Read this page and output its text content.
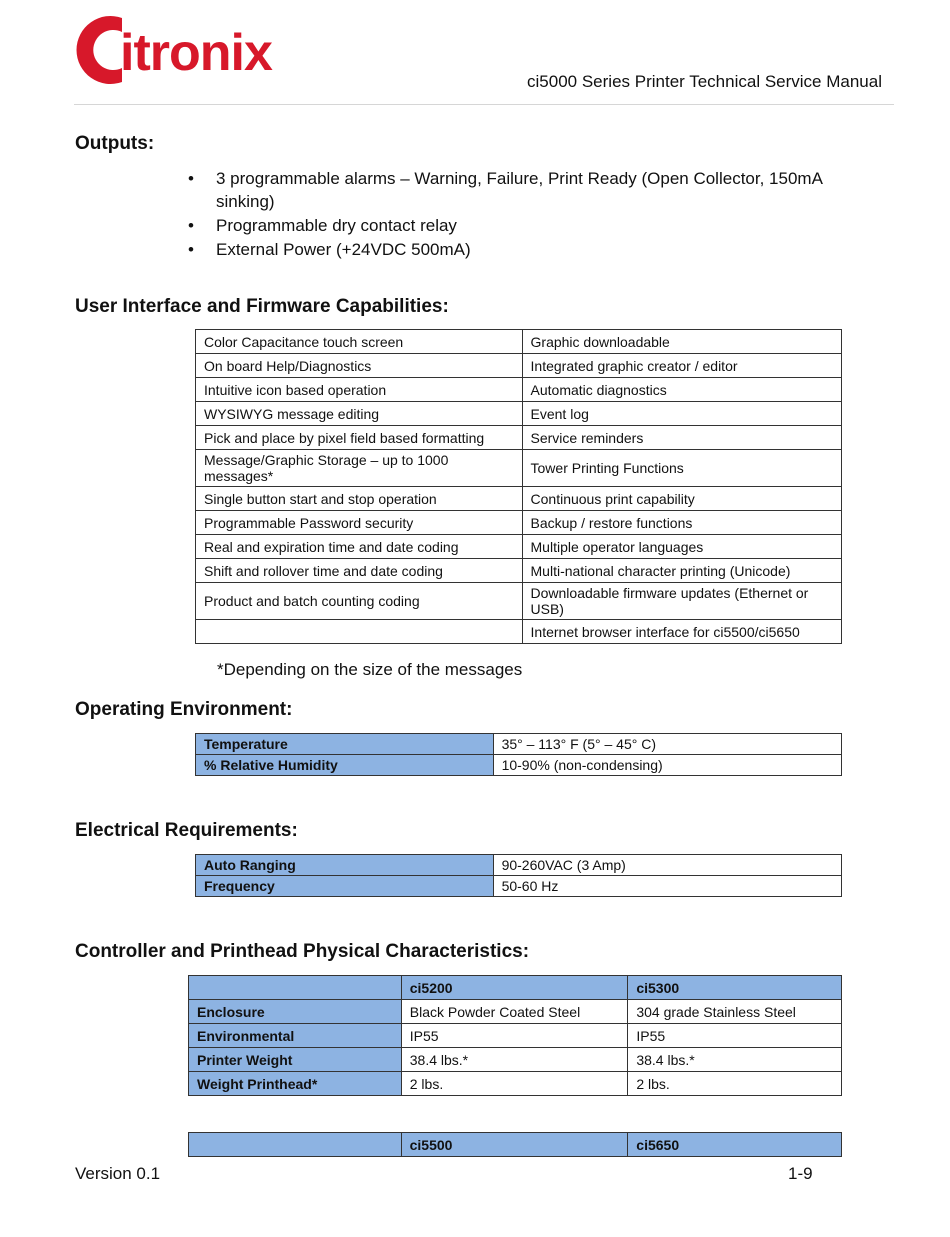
itronix	ci5000 Series Printer Technical Service Manual
Outputs:
• 3 programmable alarms – Warning, Failure, Print Ready (Open Collector, 150mA sinking)
• Programmable dry contact relay
• External Power (+24VDC 500mA)
User Interface and Firmware Capabilities:
Color Capacitance touch screen	Graphic downloadable
On board Help/Diagnostics	Integrated graphic creator / editor
Intuitive icon based operation	Automatic diagnostics
WYSIWYG message editing	Event log
Pick and place by pixel field based formatting	Service reminders
Message/Graphic Storage – up to 1000 messages*	Tower Printing Functions
Single button start and stop operation	Continuous print capability
Programmable Password security	Backup / restore functions
Real and expiration time and date coding	Multiple operator languages
Shift and rollover time and date coding	Multi-national character printing (Unicode)
Product and batch counting coding	Downloadable firmware updates (Ethernet or USB)
	Internet browser interface for ci5500/ci5650
*Depending on the size of the messages
Operating Environment:
Temperature	35° – 113° F (5° – 45° C)
% Relative Humidity	10-90% (non-condensing)
Electrical Requirements:
Auto Ranging	90-260VAC (3 Amp)
Frequency	50-60 Hz
Controller and Printhead Physical Characteristics:
	ci5200	ci5300
Enclosure	Black Powder Coated Steel	304 grade Stainless Steel
Environmental	IP55	IP55
Printer Weight	38.4 lbs.*	38.4 lbs.*
Weight Printhead*	2 lbs.	2 lbs.
	ci5500	ci5650
Version 0.1	1-9
